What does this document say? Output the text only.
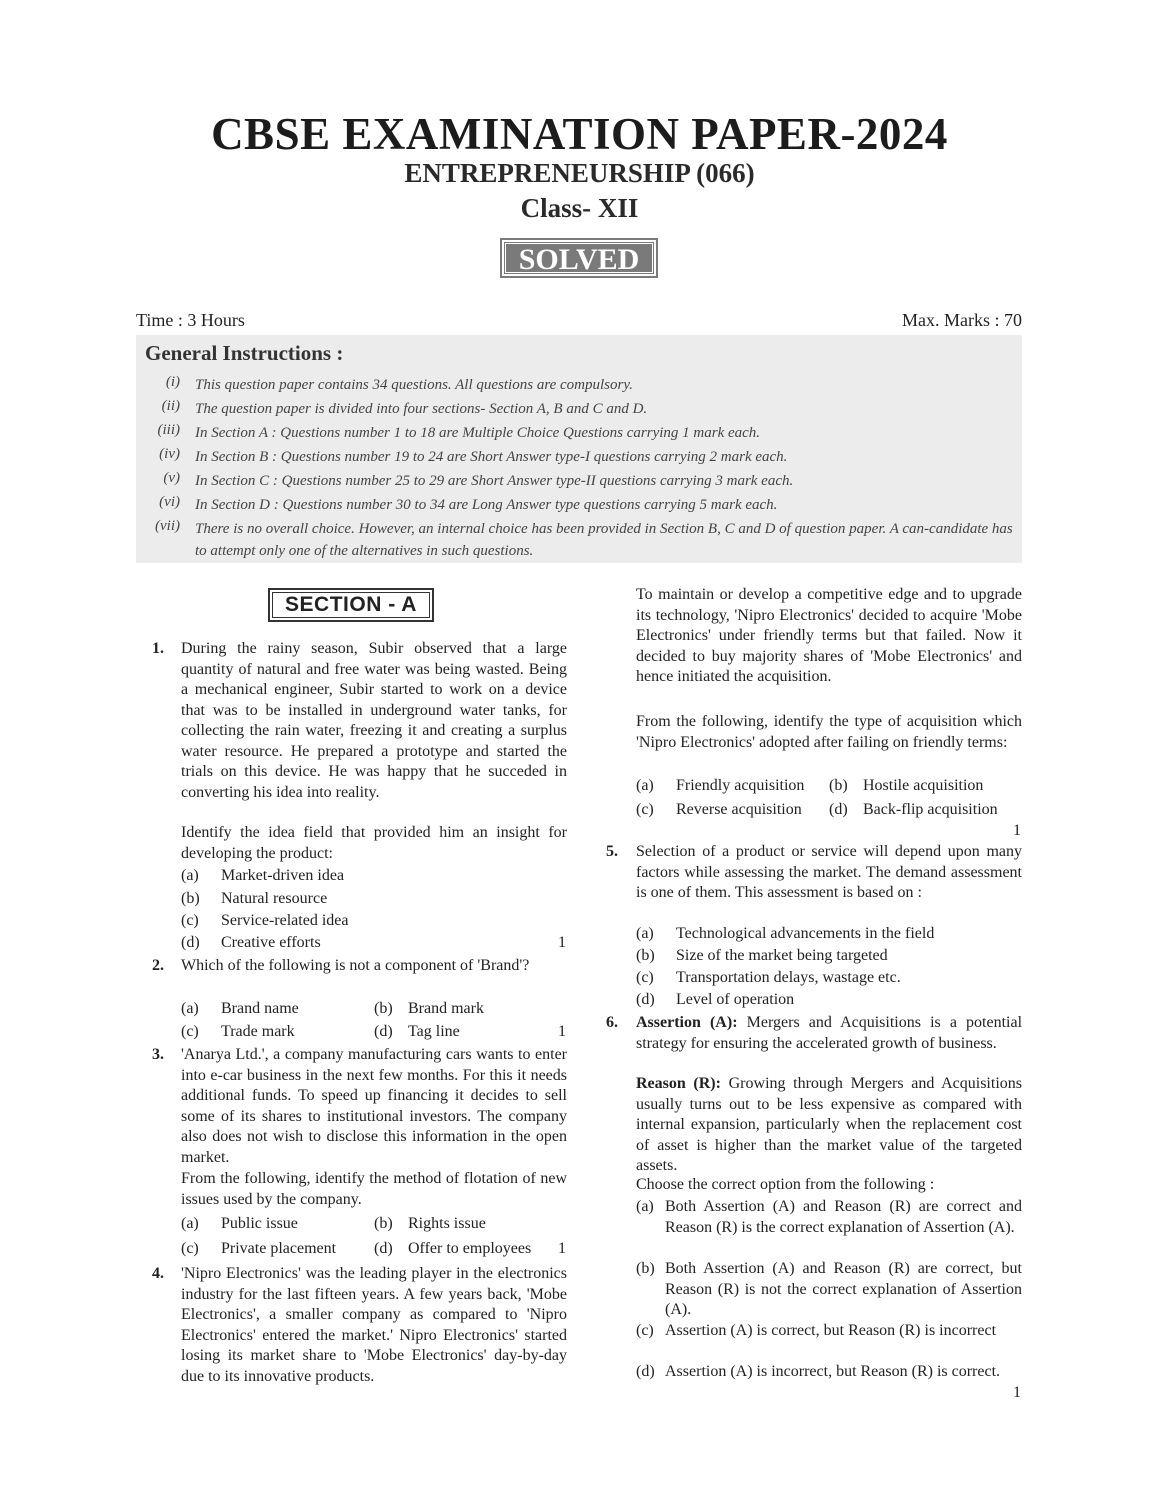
CBSE EXAMINATION PAPER-2024
ENTREPRENEURSHIP (066)
Class- XII
SOLVED
Time : 3 Hours	Max. Marks : 70
General Instructions :
(i) This question paper contains 34 questions. All questions are compulsory.
(ii) The question paper is divided into four sections- Section A, B and C and D.
(iii) In Section A : Questions number 1 to 18 are Multiple Choice Questions carrying 1 mark each.
(iv) In Section B : Questions number 19 to 24 are Short Answer type-I questions carrying 2 mark each.
(v) In Section C : Questions number 25 to 29 are Short Answer type-II questions carrying 3 mark each.
(vi) In Section D : Questions number 30 to 34 are Long Answer type questions carrying 5 mark each.
(vii) There is no overall choice. However, an internal choice has been provided in Section B, C and D of question paper. A can-candidate has to attempt only one of the alternatives in such questions.
SECTION - A
1. During the rainy season, Subir observed that a large quantity of natural and free water was being wasted. Being a mechanical engineer, Subir started to work on a device that was to be installed in underground water tanks, for collecting the rain water, freezing it and creating a surplus water resource. He prepared a prototype and started the trials on this device. He was happy that he succeded in converting his idea into reality.
Identify the idea field that provided him an insight for developing the product:
(a) Market-driven idea
(b) Natural resource
(c) Service-related idea
(d) Creative efforts	1
2. Which of the following is not a component of 'Brand'?
(a) Brand name	(b) Brand mark
(c) Trade mark	(d) Tag line	1
3. 'Anarya Ltd.', a company manufacturing cars wants to enter into e-car business in the next few months. For this it needs additional funds. To speed up financing it decides to sell some of its shares to institutional investors. The company also does not wish to disclose this information in the open market.
From the following, identify the method of flotation of new issues used by the company.
(a) Public issue	(b) Rights issue
(c) Private placement (d) Offer to employees 1
4. 'Nipro Electronics' was the leading player in the electronics industry for the last fifteen years. A few years back, 'Mobe Electronics', a smaller company as compared to 'Nipro Electronics' entered the market.' Nipro Electronics' started losing its market share to 'Mobe Electronics' day-by-day due to its innovative products.
To maintain or develop a competitive edge and to upgrade its technology, 'Nipro Electronics' decided to acquire 'Mobe Electronics' under friendly terms but that failed. Now it decided to buy majority shares of 'Mobe Electronics' and hence initiated the acquisition.
From the following, identify the type of acquisition which 'Nipro Electronics' adopted after failing on friendly terms:
(a) Friendly acquisition (b) Hostile acquisition
(c) Reverse acquisition (d) Back-flip acquisition
1
5. Selection of a product or service will depend upon many factors while assessing the market. The demand assessment is one of them. This assessment is based on :
(a) Technological advancements in the field
(b) Size of the market being targeted
(c) Transportation delays, wastage etc.
(d) Level of operation
6. Assertion (A): Mergers and Acquisitions is a potential strategy for ensuring the accelerated growth of business.
Reason (R): Growing through Mergers and Acquisitions usually turns out to be less expensive as compared with internal expansion, particularly when the replacement cost of asset is higher than the market value of the targeted assets.
Choose the correct option from the following :
(a) Both Assertion (A) and Reason (R) are correct and Reason (R) is the correct explanation of Assertion (A).
(b) Both Assertion (A) and Reason (R) are correct, but Reason (R) is not the correct explanation of Assertion (A).
(c) Assertion (A) is correct, but Reason (R) is incorrect
(d) Assertion (A) is incorrect, but Reason (R) is correct.
1
